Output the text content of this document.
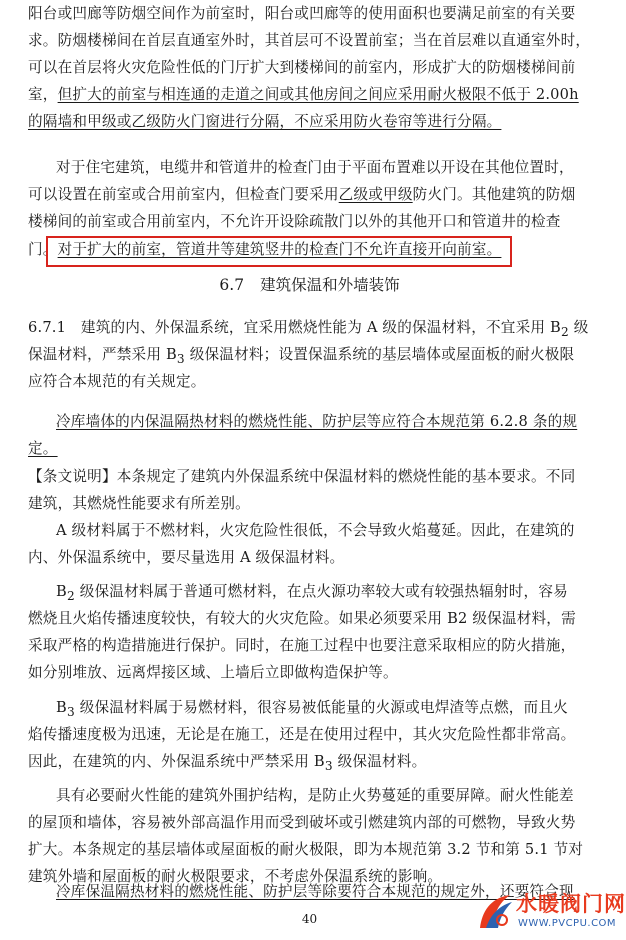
阳台或凹廊等防烟空间作为前室时，阳台或凹廊等的使用面积也要满足前室的有关要
求。防烟楼梯间在首层直通室外时，其首层可不设置前室；当在首层难以直通室外时，
可以在首层将火灾危险性低的门厅扩大到楼梯间的前室内，形成扩大的防烟楼梯间前
室，但扩大的前室与相连通的走道之间或其他房间之间应采用耐火极限不低于 2.00h
的隔墙和甲级或乙级防火门窗进行分隔，不应采用防火卷帘等进行分隔。
对于住宅建筑，电缆井和管道井的检查门由于平面布置难以开设在其他位置时，
可以设置在前室或合用前室内，但检查门要采用乙级或甲级防火门。其他建筑的防烟
楼梯间的前室或合用前室内，不允许开设除疏散门以外的其他开口和管道井的检查
门。对于扩大的前室，管道井等建筑竖井的检查门不允许直接开向前室。
6.7 建筑保温和外墙装饰
6.7.1　建筑的内、外保温系统，宜采用燃烧性能为 A 级的保温材料，不宜采用 $B_2$ 级
保温材料，严禁采用 $B_3$ 级保温材料；设置保温系统的基层墙体或屋面板的耐火极限
应符合本规范的有关规定。
冷库墙体的内保温隔热材料的燃烧性能、防护层等应符合本规范第 6.2.8 条的规
定。
【条文说明】本条规定了建筑内外保温系统中保温材料的燃烧性能的基本要求。不同
建筑，其燃烧性能要求有所差别。
A 级材料属于不燃材料，火灾危险性很低，不会导致火焰蔓延。因此，在建筑的
内、外保温系统中，要尽量选用 A 级保温材料。
$B_2$ 级保温材料属于普通可燃材料，在点火源功率较大或有较强热辐射时，容易
燃烧且火焰传播速度较快，有较大的火灾危险。如果必须要采用 B2 级保温材料，需
采取严格的构造措施进行保护。同时，在施工过程中也要注意采取相应的防火措施，
如分别堆放、远离焊接区域、上墙后立即做构造保护等。
$B_3$ 级保温材料属于易燃材料，很容易被低能量的火源或电焊渣等点燃，而且火
焰传播速度极为迅速，无论是在施工，还是在使用过程中，其火灾危险性都非常高。
因此，在建筑的内、外保温系统中严禁采用 $B_3$ 级保温材料。
具有必要耐火性能的建筑外围护结构，是防止火势蔓延的重要屏障。耐火性能差
的屋顶和墙体，容易被外部高温作用而受到破坏或引燃建筑内部的可燃物，导致火势
扩大。本条规定的基层墙体或屋面板的耐火极限，即为本规范第 3.2 节和第 5.1 节对
建筑外墙和屋面板的耐火极限要求，不考虑外保温系统的影响。
冷库保温隔热材料的燃烧性能、防护层等除要符合本规范的规定外，还要符合现
40
水暖阀门网
WWW.PVCPU.COM
